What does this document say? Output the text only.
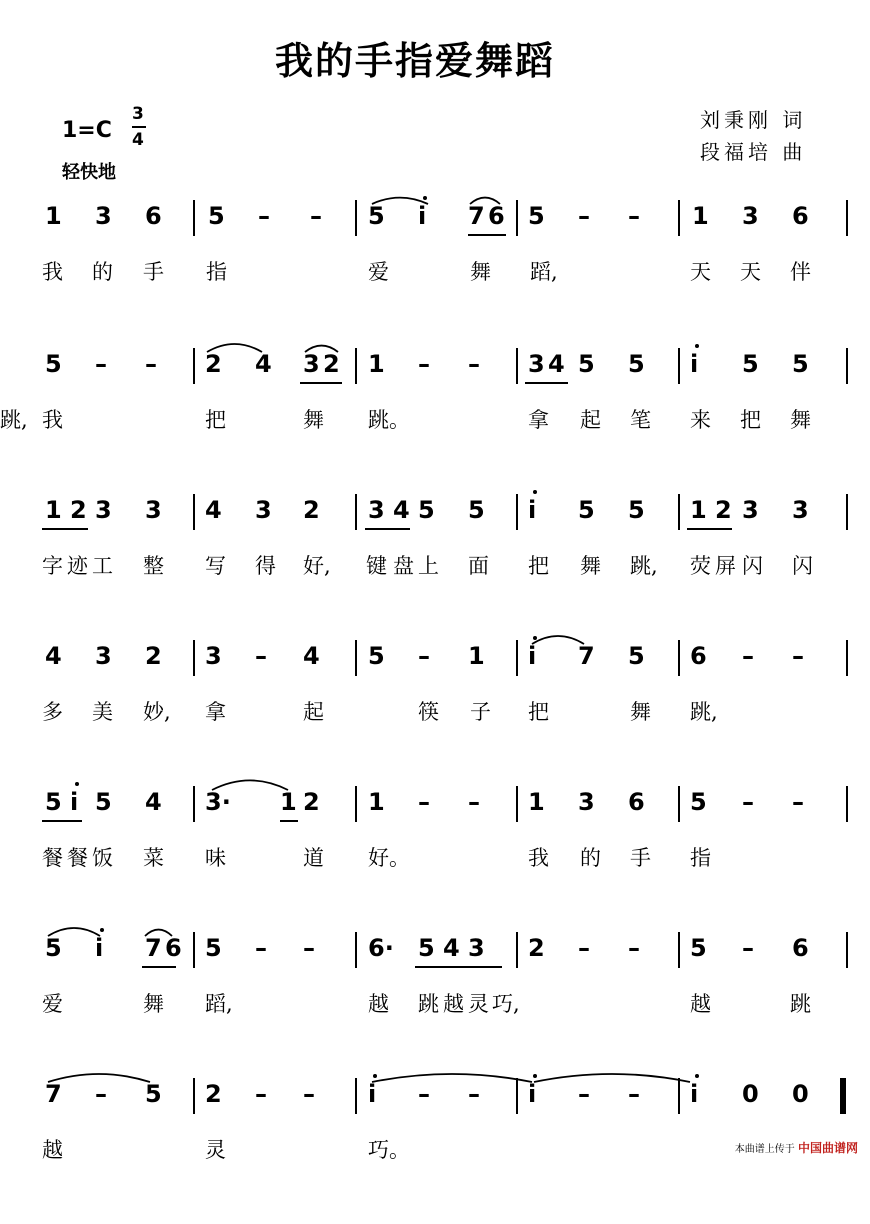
我的手指爱舞蹈
1=C
3
4
轻快地
刘秉刚 词
段福培 曲
1 3 6 5 – – 5 i 7 6 5 – – 1 3 6
我 的 手 指	爱	舞 蹈,	天 天 伴
5 – – 2 4 3 2 1 – – 3 4 5 5 i 5 5
我	把	舞 跳。	拿 起 笔 来 把 舞
跳,
1 2 3 3 4 3 2 3 4 5 5 i 5 5 1 2 3 3
字 迹 工 整 写 得 好, 键 盘 上 面 把 舞 跳, 荧 屏 闪 闪
4 3 2 3 – 4 5 – 1 i 7 5 6 – –
多 美 妙, 拿	起	筷 子 把	舞 跳,
5 i 5 4 3· 1 2 1 – – 1 3 6 5 – –
餐 餐 饭 菜 味	道 好。	我 的 手 指
5 i 7 6 5 – – 6· 5 4 3 2 – – 5 – 6
爱	舞 蹈,	越 跳 越 灵 巧,	越	跳
7 – 5 2 – – i – – i – – i 0 0
越	灵	巧。	本曲谱上传于 中国曲谱网
